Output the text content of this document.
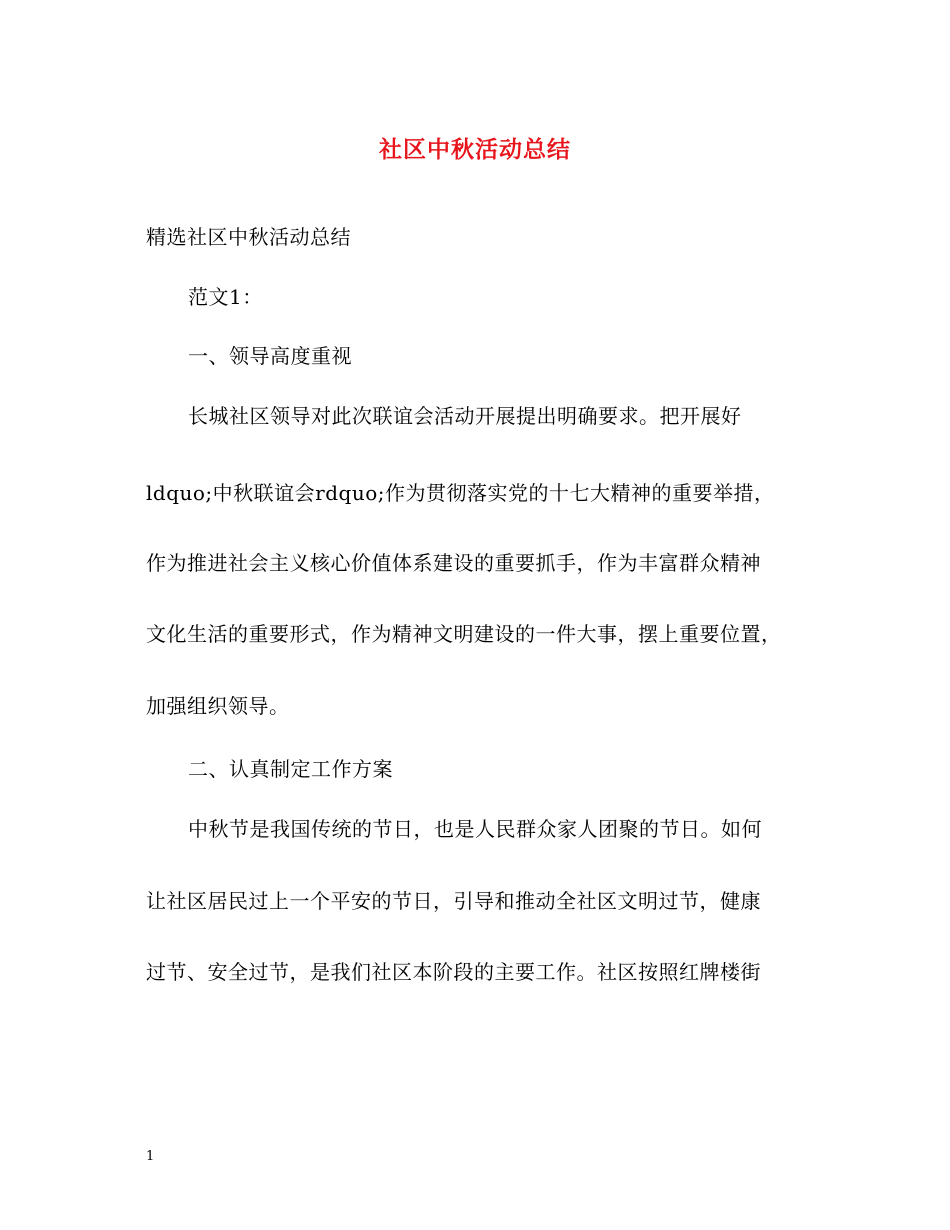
社区中秋活动总结
精选社区中秋活动总结
范文1：
一、领导高度重视
长城社区领导对此次联谊会活动开展提出明确要求。把开展好
ldquo;中秋联谊会rdquo;作为贯彻落实党的十七大精神的重要举措，
作为推进社会主义核心价值体系建设的重要抓手，作为丰富群众精神
文化生活的重要形式，作为精神文明建设的一件大事，摆上重要位置，
加强组织领导。
二、认真制定工作方案
中秋节是我国传统的节日，也是人民群众家人团聚的节日。如何
让社区居民过上一个平安的节日，引导和推动全社区文明过节，健康
过节、安全过节，是我们社区本阶段的主要工作。社区按照红牌楼街
1
